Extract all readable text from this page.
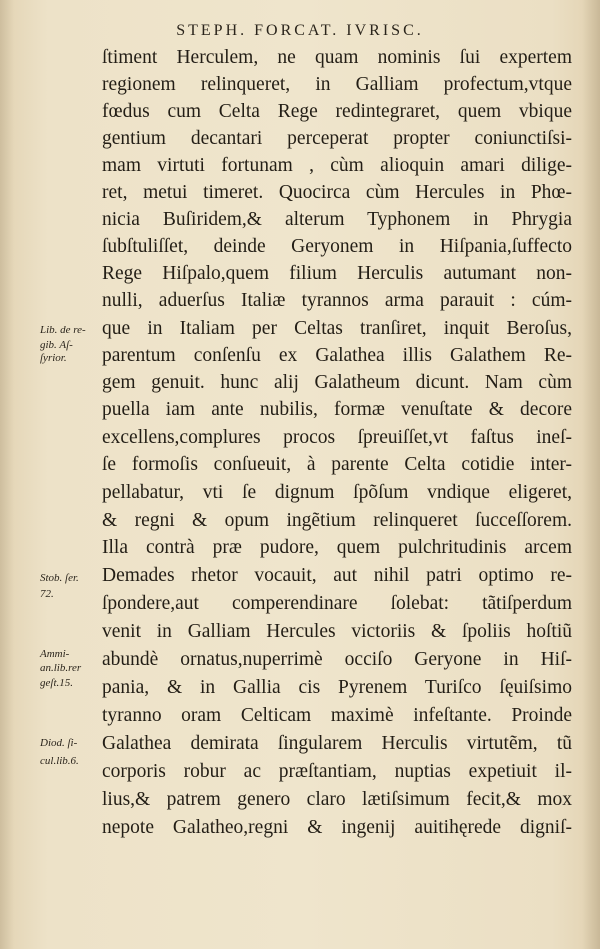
STEPH. FORCAT. IVRISC.
ſtiment Herculem, ne quam nominis ſui expertem
regionem relinqueret, in Galliam profectum,vtque
fœdus cum Celta Rege redintegraret, quem vbique
gentium decantari perceperat propter coniunctiſsi-
mam virtuti fortunam , cùm alioquin amari dilige-
ret, metui timeret. Quocirca cùm Hercules in Phœ-
nicia Buſiridem,& alterum Typhonem in Phrygia
ſubſtuliſſet, deinde Geryonem in Hiſpania,ſuffecto
Rege Hiſpalo,quem filium Herculis autumant non-
nulli, aduerſus Italiæ tyrannos arma parauit : cúm-
que in Italiam per Celtas tranſiret, inquit Beroſus,
parentum conſenſu ex Galathea illis Galathem Re-
gem genuit. hunc alij Galatheum dicunt. Nam cùm
puella iam ante nubilis, formæ venuſtate & decore
excellens,complures procos ſpreuiſſet,vt faſtus ineſ-
ſe formoſis conſueuit, à parente Celta cotidie inter-
pellabatur, vti ſe dignum ſpõſum vndique eligeret,
& regni & opum ingẽtium relinqueret ſucceſſorem.
Illa contrà præ pudore, quem pulchritudinis arcem
Demades rhetor vocauit, aut nihil patri optimo re-
ſpondere,aut comperendinare ſolebat: tãtiſperdum
venit in Galliam Hercules victoriis & ſpoliis hoſtiũ
abundè ornatus,nuperrimè occiſo Geryone in Hiſ-
pania, & in Gallia cis Pyrenem Turiſco ſęuiſsimo
tyranno oram Celticam maximè infeſtante. Proinde
Galathea demirata ſingularem Herculis virtutẽm, tũ
corporis robur ac præſtantiam, nuptias expetiuit il-
lius,& patrem genero claro lætiſsimum fecit,& mox
nepote Galatheo,regni & ingenij auitihęrede digniſ-
Lib. de re-
gib. Aſ-
ſyrior.
Stob. ſer.
72.
Ammi-
an.lib.rer
geſt.15.
Diod. ſi-
cul.lib.6.
